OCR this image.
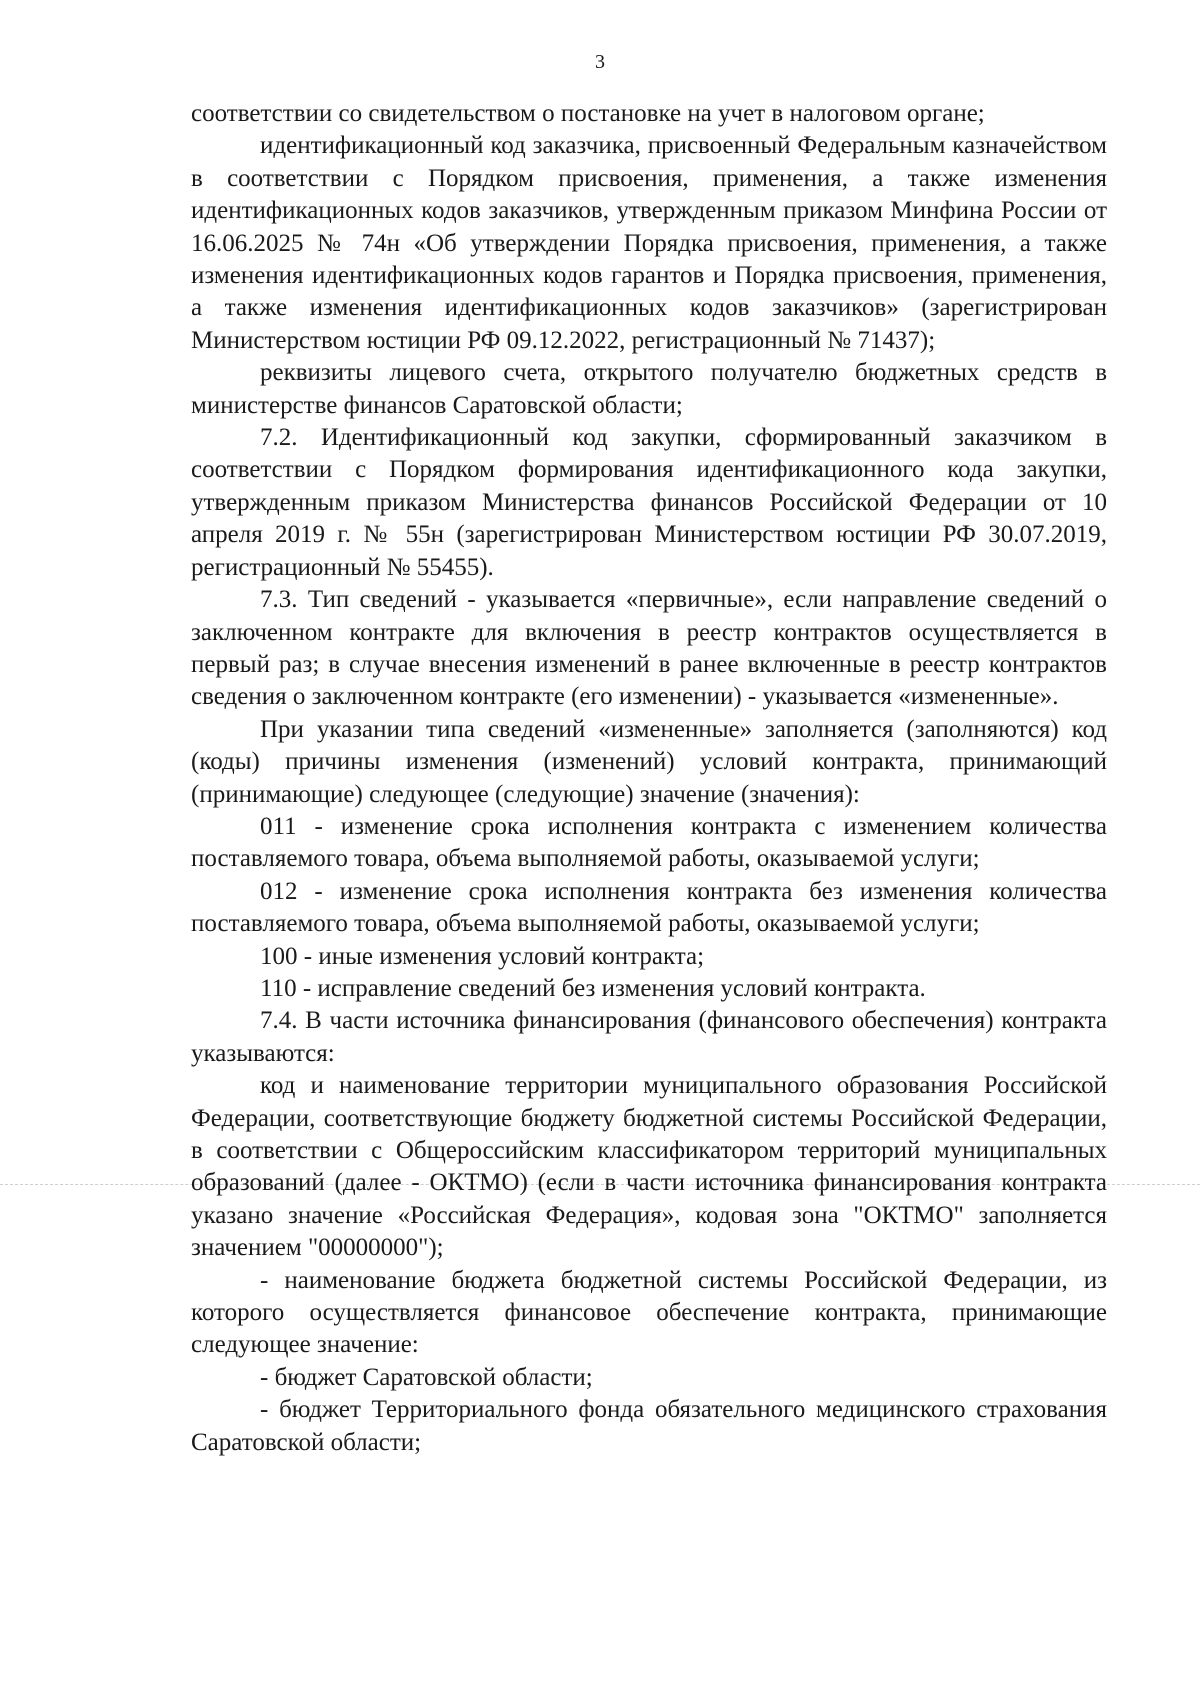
3

соответствии со свидетельством о постановке на учет в налоговом органе;

идентификационный код заказчика, присвоенный Федеральным казначейством в соответствии с Порядком присвоения, применения, а также изменения идентификационных кодов заказчиков, утвержденным приказом Минфина России от 16.06.2025 № 74н «Об утверждении Порядка присвоения, применения, а также изменения идентификационных кодов гарантов и Порядка присвоения, применения, а также изменения идентификационных кодов заказчиков» (зарегистрирован Министерством юстиции РФ 09.12.2022, регистрационный № 71437);

реквизиты лицевого счета, открытого получателю бюджетных средств в министерстве финансов Саратовской области;

7.2. Идентификационный код закупки, сформированный заказчиком в соответствии с Порядком формирования идентификационного кода закупки, утвержденным приказом Министерства финансов Российской Федерации от 10 апреля 2019 г. № 55н (зарегистрирован Министерством юстиции РФ 30.07.2019, регистрационный № 55455).

7.3. Тип сведений - указывается «первичные», если направление сведений о заключенном контракте для включения в реестр контрактов осуществляется в первый раз; в случае внесения изменений в ранее включенные в реестр контрактов сведения о заключенном контракте (его изменении) - указывается «измененные».

При указании типа сведений «измененные» заполняется (заполняются) код (коды) причины изменения (изменений) условий контракта, принимающий (принимающие) следующее (следующие) значение (значения):

011 - изменение срока исполнения контракта с изменением количества поставляемого товара, объема выполняемой работы, оказываемой услуги;

012 - изменение срока исполнения контракта без изменения количества поставляемого товара, объема выполняемой работы, оказываемой услуги;

100 - иные изменения условий контракта;

110 - исправление сведений без изменения условий контракта.

7.4. В части источника финансирования (финансового обеспечения) контракта указываются:

код и наименование территории муниципального образования Российской Федерации, соответствующие бюджету бюджетной системы Российской Федерации, в соответствии с Общероссийским классификатором территорий муниципальных образований (далее - ОКТМО) (если в части источника финансирования контракта указано значение «Российская Федерация», кодовая зона "ОКТМО" заполняется значением "00000000");

- наименование бюджета бюджетной системы Российской Федерации, из которого осуществляется финансовое обеспечение контракта, принимающие следующее значение:

- бюджет Саратовской области;

- бюджет Территориального фонда обязательного медицинского страхования Саратовской области;
